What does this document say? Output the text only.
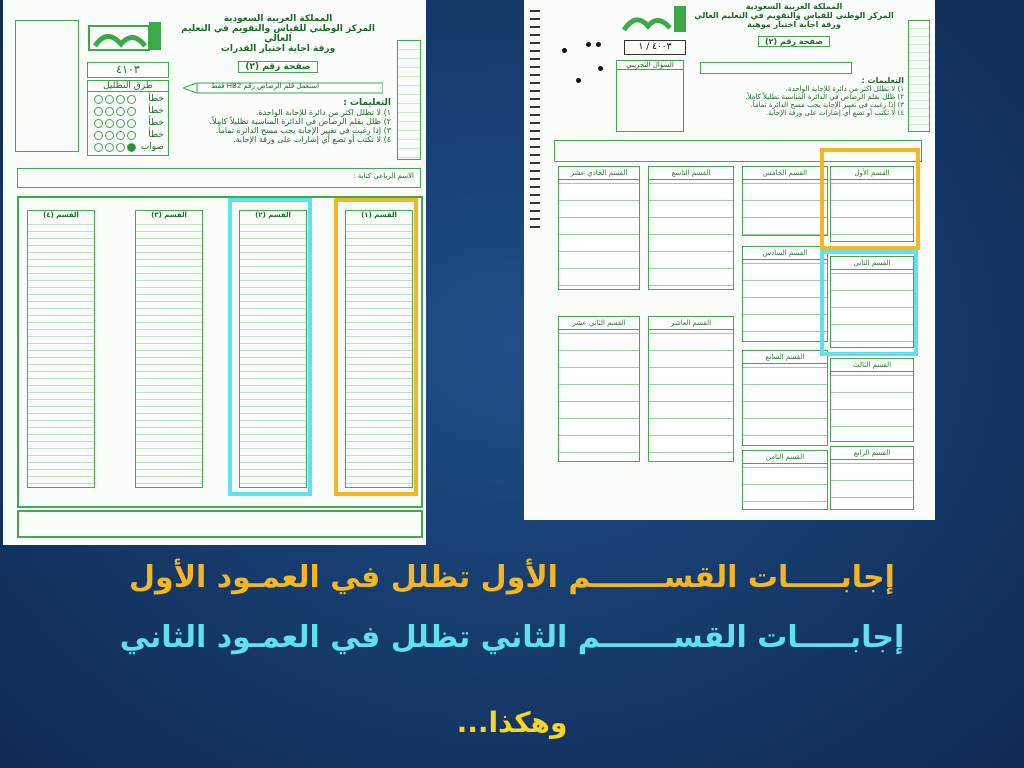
المملكة العربية السعودية
المركز الوطني للقياس والتقويم في التعليم العالي
ورقة اجابة اختبار القدرات
صفحة رقم (٢)
٤١٠٣
طرق التظليل
خطأ
خطأ
خطأ
خطأ
صواب
استعمل قلم الرصاص رقم HB2 فقط
التعليمات :
١) لا تظلل اكثر من دائرة للإجابة الواحدة.
٢) ظلل بقلم الرصاص في الدائرة المناسبة تظليلاً كاملاً.
٣) إذا رغبت في تغيير الإجابة يجب مسح الدائرة تماماً.
٤) لا تكتب أو تضع أي إشارات على ورقة الإجابة.
الاسم الرباعي كتابة :
القسم (٤)	القسم (٣)	القسم (٢)	القسم (١)
المملكة العربية السعودية
المركز الوطني للقياس والتقويم في التعليم العالي
ورقة اجابة اختبار موهبة
صفحة رقم (٢)
٤٠٠٣ / ١
السؤال التجريبي
التعليمات :
١) لا تظلل اكثر من دائرة للإجابة الواحدة.
٢) ظلل بقلم الرصاص في الدائرة المناسبة تظليلاً كاملاً.
٣) إذا رغبت في تغيير الإجابة يجب مسح الدائرة تماماً.
٤) لا تكتب أو تضع أي إشارات على ورقة الإجابة.
القسم الحادي عشر	القسم التاسع	القسم الخامس	القسم الأول
القسم السادس
القسم الثاني
القسم الثاني عشر	القسم العاشر
القسم السابع
القسم الثالث
القسم الثامن	القسم الرابع
إجابـــــات القســـــــم الأول تظلل في العمـود الأول
إجابـــــات القســـــــم الثاني تظلل في العمـود الثاني
وهكذا...
